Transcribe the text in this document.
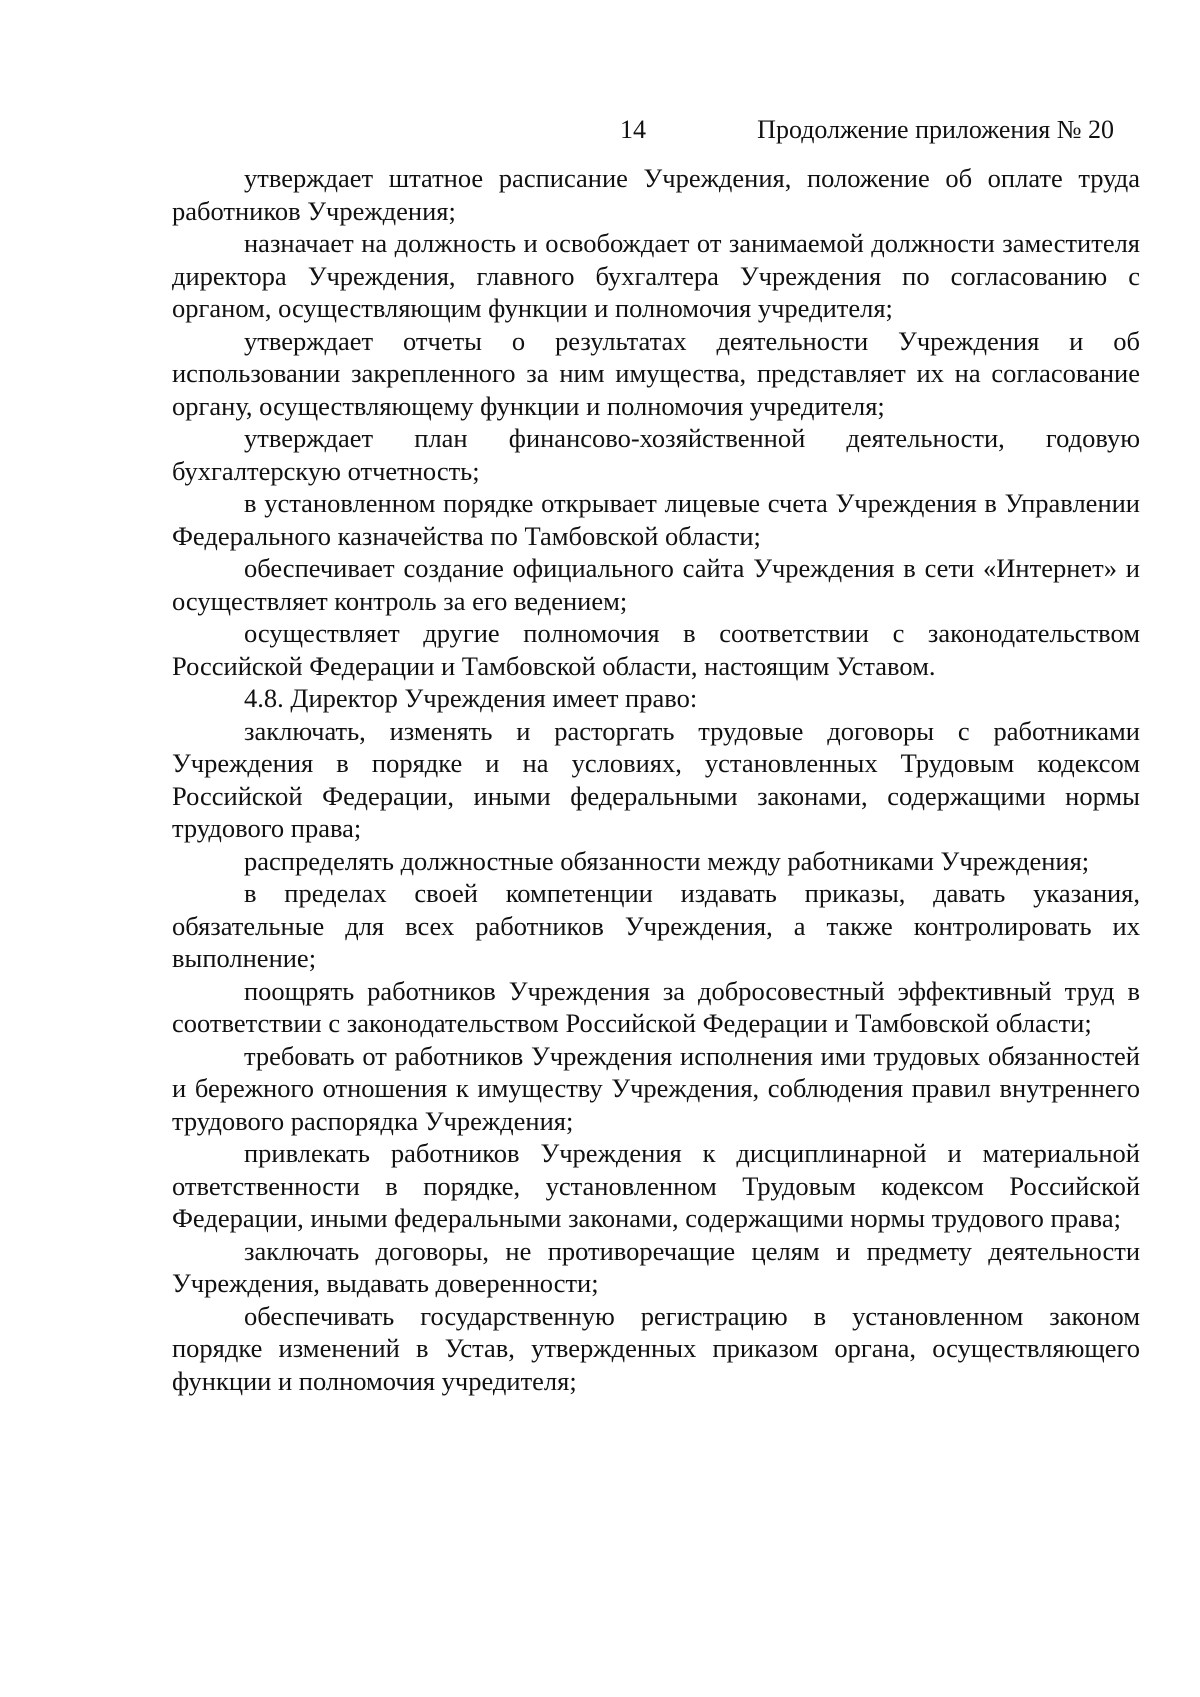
14	Продолжение приложения № 20

утверждает штатное расписание Учреждения, положение об оплате труда работников Учреждения;

назначает на должность и освобождает от занимаемой должности заместителя директора Учреждения, главного бухгалтера Учреждения по согласованию с органом, осуществляющим функции и полномочия учредителя;

утверждает отчеты о результатах деятельности Учреждения и об использовании закрепленного за ним имущества, представляет их на согласование органу, осуществляющему функции и полномочия учредителя;

утверждает план финансово-хозяйственной деятельности, годовую бухгалтерскую отчетность;

в установленном порядке открывает лицевые счета Учреждения в Управлении Федерального казначейства по Тамбовской области;

обеспечивает создание официального сайта Учреждения в сети «Интернет» и осуществляет контроль за его ведением;

осуществляет другие полномочия в соответствии с законодательством Российской Федерации и Тамбовской области, настоящим Уставом.

4.8. Директор Учреждения имеет право:

заключать, изменять и расторгать трудовые договоры с работниками Учреждения в порядке и на условиях, установленных Трудовым кодексом Российской Федерации, иными федеральными законами, содержащими нормы трудового права;

распределять должностные обязанности между работниками Учреждения;

в пределах своей компетенции издавать приказы, давать указания, обязательные для всех работников Учреждения, а также контролировать их выполнение;

поощрять работников Учреждения за добросовестный эффективный труд в соответствии с законодательством Российской Федерации и Тамбовской области;

требовать от работников Учреждения исполнения ими трудовых обязанностей и бережного отношения к имуществу Учреждения, соблюдения правил внутреннего трудового распорядка Учреждения;

привлекать работников Учреждения к дисциплинарной и материальной ответственности в порядке, установленном Трудовым кодексом Российской Федерации, иными федеральными законами, содержащими нормы трудового права;

заключать договоры, не противоречащие целям и предмету деятельности Учреждения, выдавать доверенности;

обеспечивать государственную регистрацию в установленном законом порядке изменений в Устав, утвержденных приказом органа, осуществляющего функции и полномочия учредителя;
